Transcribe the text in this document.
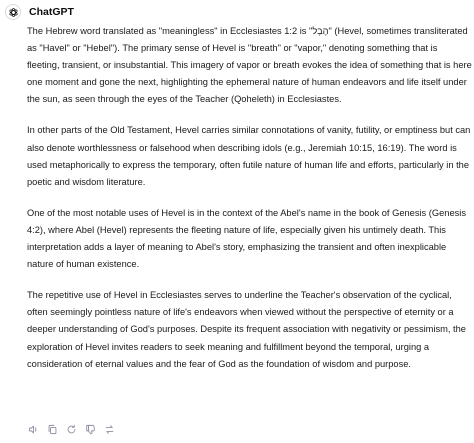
ChatGPT

The Hebrew word translated as "meaningless" in Ecclesiastes 1:2 is "הֶבֶל" (Hevel, sometimes transliterated as "Havel" or "Hebel"). The primary sense of Hevel is "breath" or "vapor," denoting something that is fleeting, transient, or insubstantial. This imagery of vapor or breath evokes the idea of something that is here one moment and gone the next, highlighting the ephemeral nature of human endeavors and life itself under the sun, as seen through the eyes of the Teacher (Qoheleth) in Ecclesiastes.

In other parts of the Old Testament, Hevel carries similar connotations of vanity, futility, or emptiness but can also denote worthlessness or falsehood when describing idols (e.g., Jeremiah 10:15, 16:19). The word is used metaphorically to express the temporary, often futile nature of human life and efforts, particularly in the poetic and wisdom literature.

One of the most notable uses of Hevel is in the context of the Abel's name in the book of Genesis (Genesis 4:2), where Abel (Hevel) represents the fleeting nature of life, especially given his untimely death. This interpretation adds a layer of meaning to Abel's story, emphasizing the transient and often inexplicable nature of human existence.

The repetitive use of Hevel in Ecclesiastes serves to underline the Teacher's observation of the cyclical, often seemingly pointless nature of life's endeavors when viewed without the perspective of eternity or a deeper understanding of God's purposes. Despite its frequent association with negativity or pessimism, the exploration of Hevel invites readers to seek meaning and fulfillment beyond the temporal, urging a consideration of eternal values and the fear of God as the foundation of wisdom and purpose.
